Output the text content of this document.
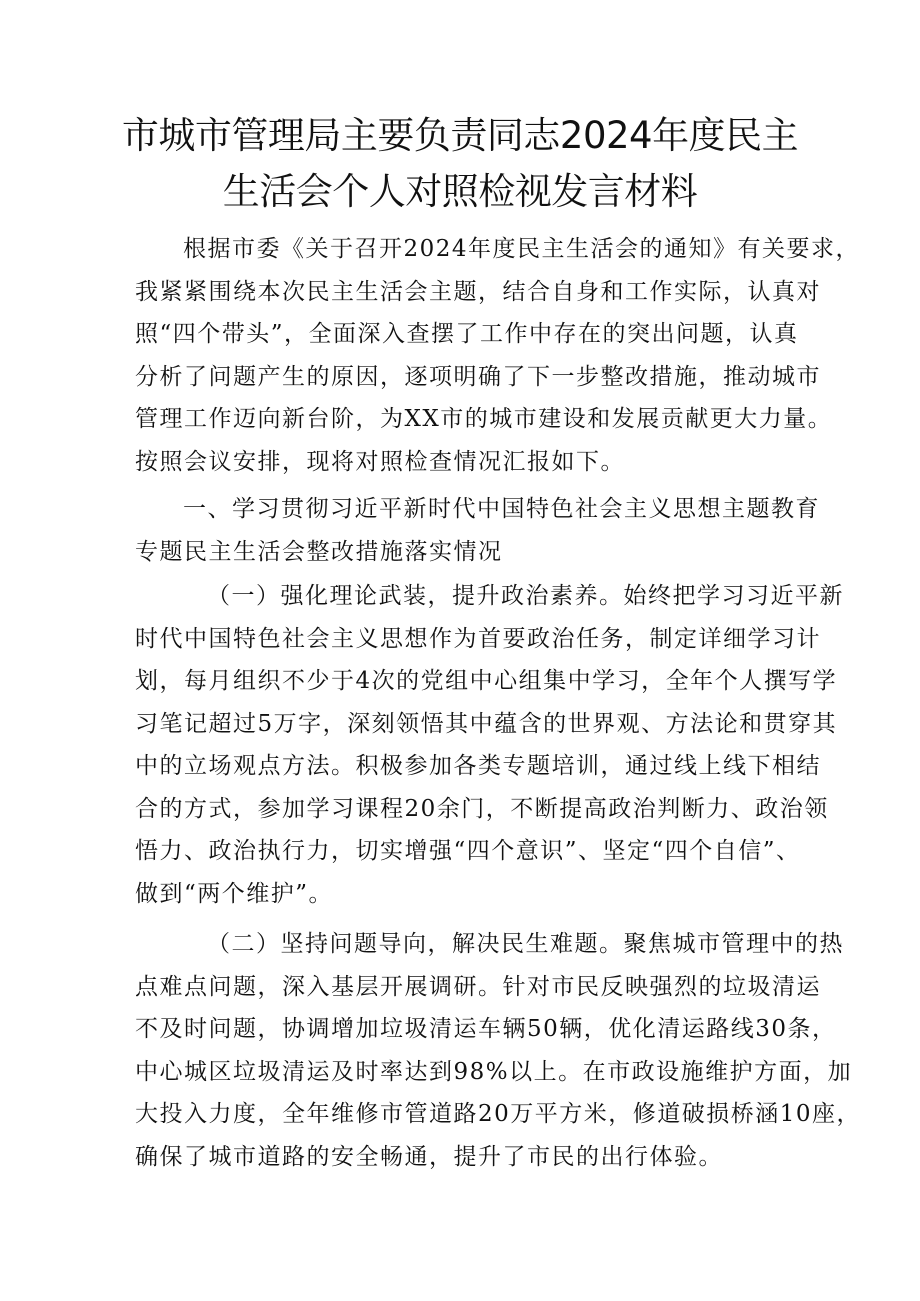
市城市管理局主要负责同志2024年度民主
生活会个人对照检视发言材料
根据市委《关于召开2024年度民主生活会的通知》有关要求，
我紧紧围绕本次民主生活会主题，结合自身和工作实际，认真对
照“四个带头”，全面深入查摆了工作中存在的突出问题，认真
分析了问题产生的原因，逐项明确了下一步整改措施，推动城市
管理工作迈向新台阶，为XX市的城市建设和发展贡献更大力量。
按照会议安排，现将对照检查情况汇报如下。
一、学习贯彻习近平新时代中国特色社会主义思想主题教育
专题民主生活会整改措施落实情况
（一）强化理论武装，提升政治素养。始终把学习习近平新
时代中国特色社会主义思想作为首要政治任务，制定详细学习计
划，每月组织不少于4次的党组中心组集中学习，全年个人撰写学
习笔记超过5万字，深刻领悟其中蕴含的世界观、方法论和贯穿其
中的立场观点方法。积极参加各类专题培训，通过线上线下相结
合的方式，参加学习课程20余门，不断提高政治判断力、政治领
悟力、政治执行力，切实增强“四个意识”、坚定“四个自信”、
做到“两个维护”。
（二）坚持问题导向，解决民生难题。聚焦城市管理中的热
点难点问题，深入基层开展调研。针对市民反映强烈的垃圾清运
不及时问题，协调增加垃圾清运车辆50辆，优化清运路线30条，
中心城区垃圾清运及时率达到98%以上。在市政设施维护方面，加
大投入力度，全年维修市管道路20万平方米，修道破损桥涵10座，
确保了城市道路的安全畅通，提升了市民的出行体验。
